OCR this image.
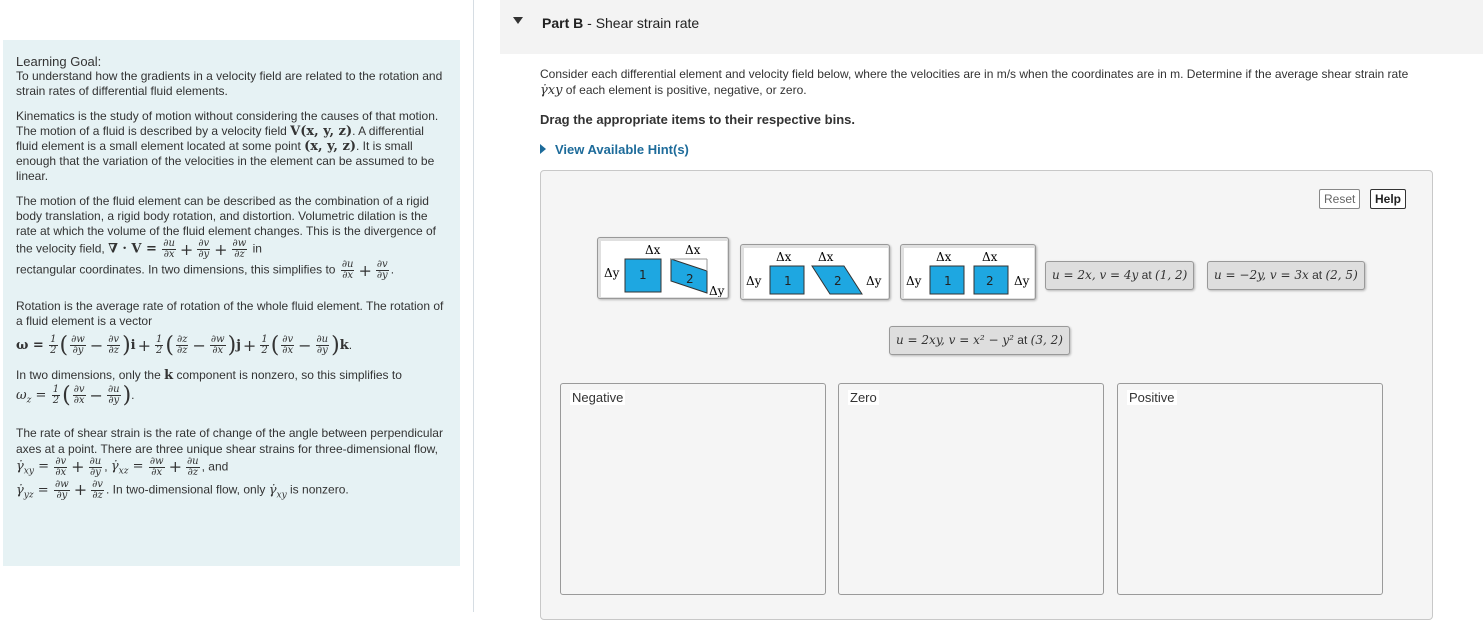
Learning Goal:

To understand how the gradients in a velocity field are related to the rotation and strain rates of differential fluid elements.

Kinematics is the study of motion without considering the causes of that motion. The motion of a fluid is described by a velocity field V(x, y, z). A differential fluid element is a small element located at some point (x, y, z). It is small enough that the variation of the velocities in the element can be assumed to be linear.

The motion of the fluid element can be described as the combination of a rigid body translation, a rigid body rotation, and distortion. Volumetric dilation is the rate at which the volume of the fluid element changes. This is the divergence of the velocity field, ∇ · $V = \frac{\partial u}{\partial x} + \frac{\partial v}{\partial y} + \frac{\partial w}{\partial z}$ in
rectangular coordinates. In two dimensions, this simplifies to $\frac{\partial u}{\partial x} + \frac{\partial v}{\partial y}$ .

Rotation is the average rate of rotation of the whole fluid element. The rotation of a fluid element is a vector

$\omega = \frac{1}{2}$ ( $\frac{\partial w}{\partial y} - \frac{\partial v}{\partial z} )i + \frac{1}{2}$ ( $\frac{\partial z}{\partial z} - \frac{\partial w}{\partial x} )j + \frac{1}{2}$ ( $\frac{\partial v}{\partial x} - \frac{\partial u}{\partial y} )k$.

In two dimensions, only the k component is nonzero, so this simplifies to

$\omega_z = \frac{1}{2}$ ( $\frac{\partial v}{\partial x} - \frac{\partial u}{\partial y}$ ).

The rate of shear strain is the rate of change of the angle between perpendicular axes at a point. There are three unique shear strains for three-dimensional flow, $\gammȧ_{xy} = \frac{\partial v}{\partial x} + \frac{\partial u}{\partial y}$ , $\gammȧ_{xz} = \frac{\partial w}{\partial x} + \frac{\partial u}{\partial z}$ , and
$\gammȧ_{yz} = \frac{\partial w}{\partial y} + \frac{\partial v}{\partial z}$ . In two-dimensional flow, only $\gammȧ_{xy}$ is nonzero.

Part B - Shear strain rate
Consider each differential element and velocity field below, where the velocities are in m/s when the coordinates are in m. Determine if the average shear strain rate
γ̇xy of each element is positive, negative, or zero.
Drag the appropriate items to their respective bins.
View Available Hint(s)
Reset	Help
Δx Δx
Δy 1	2
Δy
Δx Δx
Δy 1	2 Δy
Δx	Δx
Δy 1	2 Δy	u = 2x, v = 4y at (1, 2)	u = −2y, v = 3x at (2, 5)
u = 2xy, v = x² − y² at (3, 2)
Negative	Zero	Positive
